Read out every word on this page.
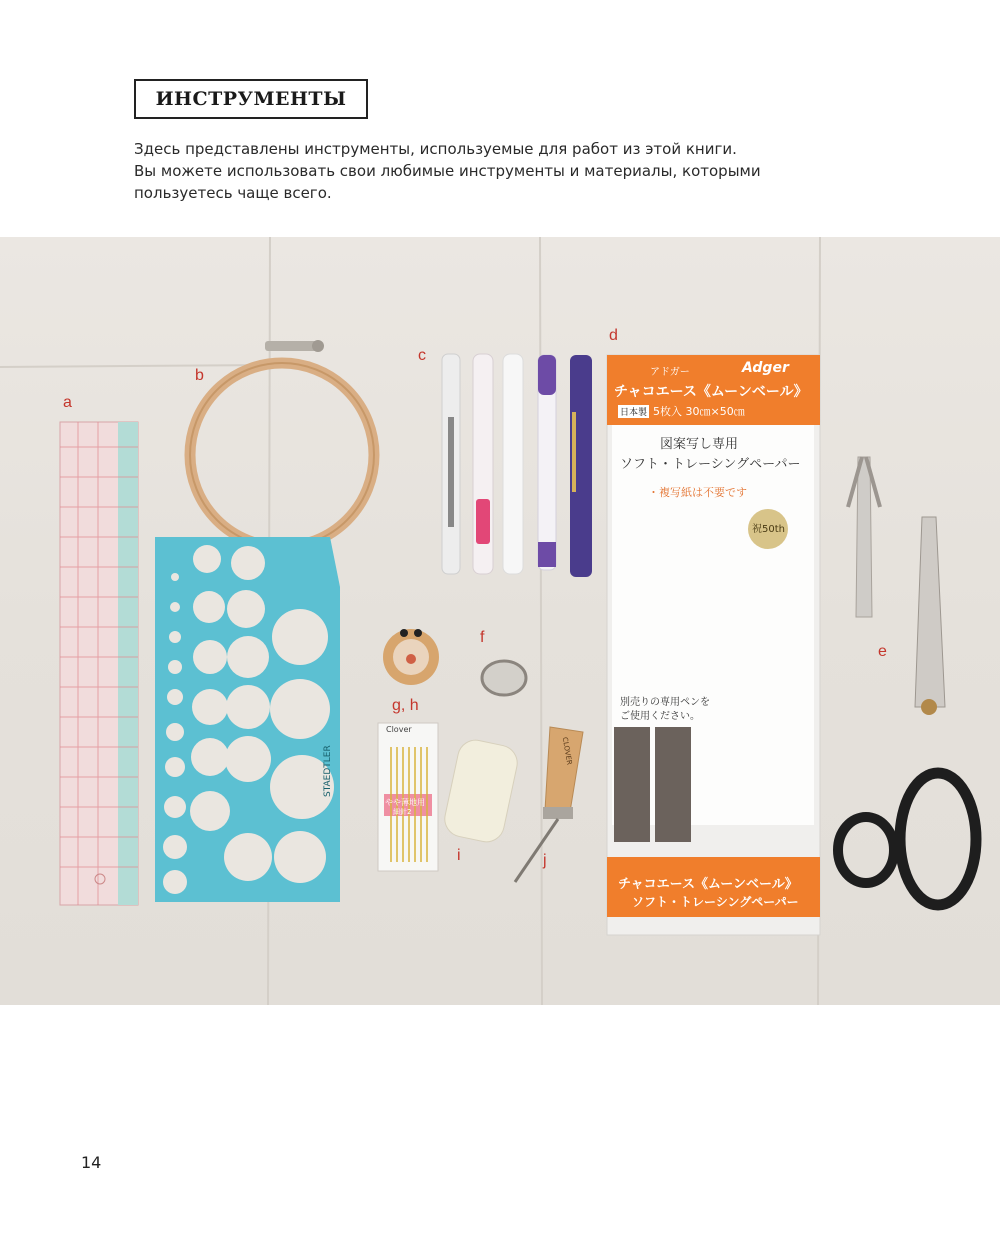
ИНСТРУМЕНТЫ
Здесь представлены инструменты, используемые для работ из этой книги.
Вы можете использовать свои любимые инструменты и материалы, которыми
пользуетесь чаще всего.
STAEDTLER
アドガー	Adger
チャコエース《ムーンベール》
日本製 5枚入 30㎝×50㎝
図案写し専用
ソフト・トレーシングペーパー
・複写紙は不要です
祝50th
別売りの専用ペンを
ご使用ください。
チャコエース《ムーンベール》
ソフト・トレーシングペーパー
Clover
やや薄地用
細針2
CLOVER
a
b
c
d
e
f
g, h
i	j
14
